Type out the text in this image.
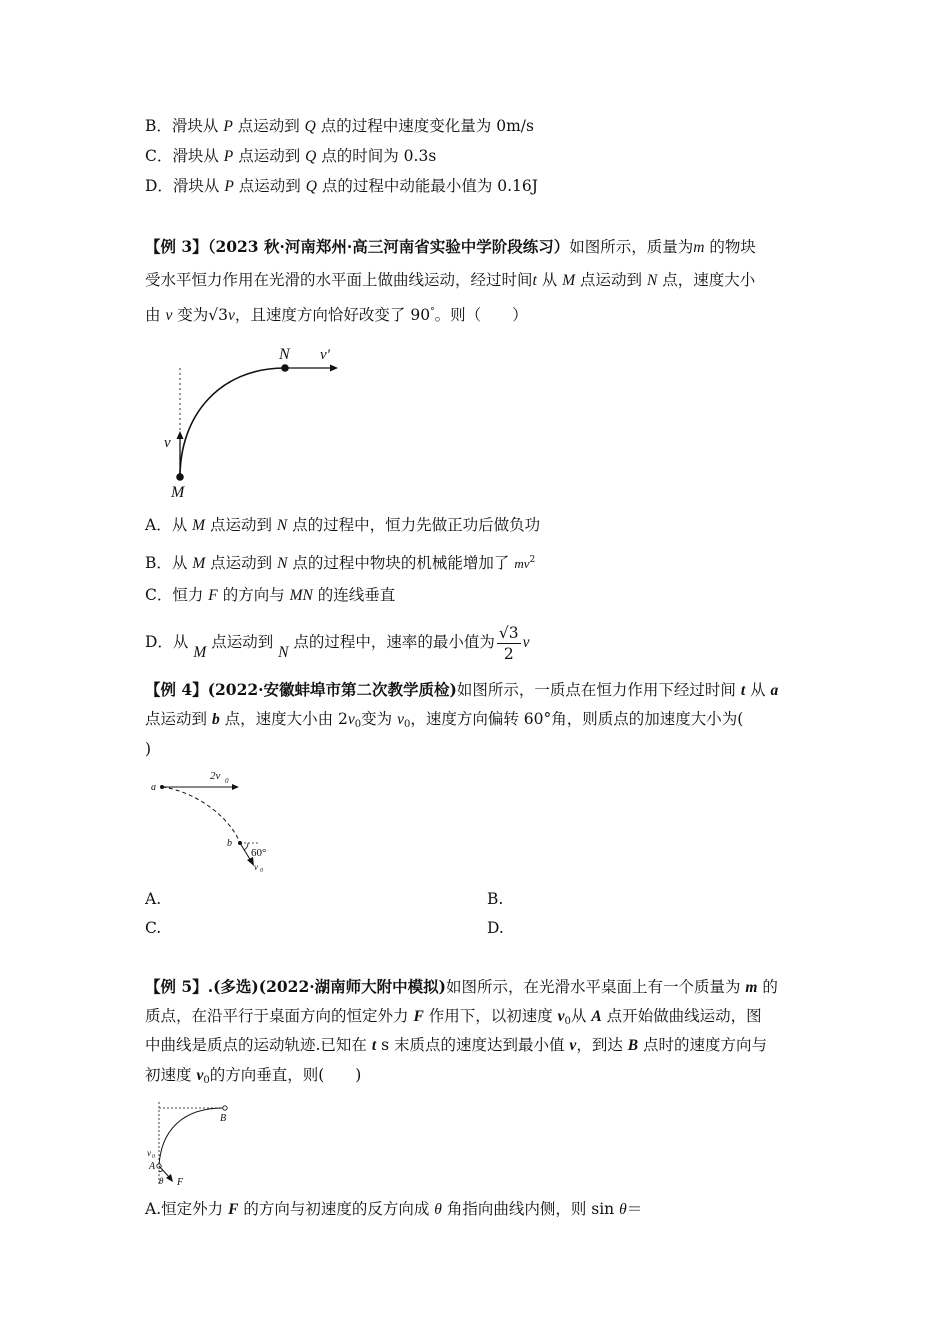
B．滑块从 P 点运动到 Q 点的过程中速度变化量为 0m/s
C．滑块从 P 点运动到 Q 点的时间为 0.3s
D．滑块从 P 点运动到 Q 点的过程中动能最小值为 0.16J
【例 3】（2023 秋·河南郑州·高三河南省实验中学阶段练习）如图所示，质量为m 的物块
受水平恒力作用在光滑的水平面上做曲线运动，经过时间t 从 M 点运动到 N 点，速度大小
由 v 变为√3v，且速度方向恰好改变了 90°。则（　　）
N v′
v
M
A．从 M 点运动到 N 点的过程中，恒力先做正功后做负功
B．从 M 点运动到 N 点的过程中物块的机械能增加了 $mv^2$
C．恒力 F 的方向与 MN 的连线垂直
D．从 M 点运动到 N 点的过程中，速率的最小值为 $\frac{√3}{2}$ v
【例 4】(2022·安徽蚌埠市第二次教学质检)如图所示，一质点在恒力作用下经过时间 t 从 a
点运动到 b 点，速度大小由 $2v_0$变为 $v_0$，速度方向偏转 60°角，则质点的加速度大小为(
)
a
2v 0
b
60°
v 0
A.	B.
C.	D.
【例 5】.(多选)(2022·湖南师大附中模拟)如图所示，在光滑水平桌面上有一个质量为 m 的
质点，在沿平行于桌面方向的恒定外力 F 作用下，以初速度 $v_0$从 A 点开始做曲线运动，图
中曲线是质点的运动轨迹.已知在 t s 末质点的速度达到最小值 v，到达 B 点时的速度方向与
初速度 $v_0$的方向垂直，则(　　)
B
v 0
A
θ F
A.恒定外力 F 的方向与初速度的反方向成 θ 角指向曲线内侧，则 sin θ＝
